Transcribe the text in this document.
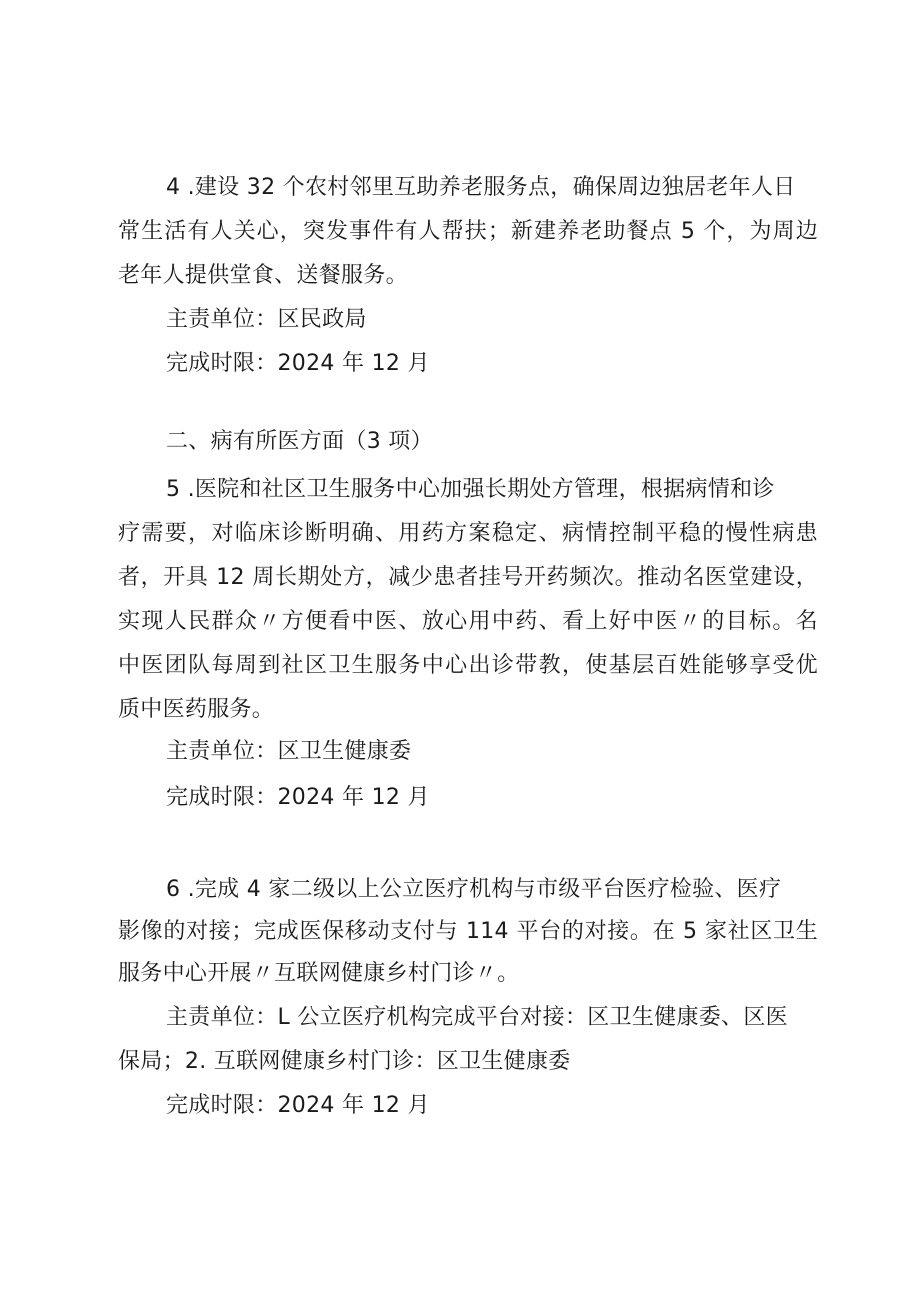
4 .建设 32 个农村邻里互助养老服务点，确保周边独居老年人日
常生活有人关心，突发事件有人帮扶；新建养老助餐点 5 个，为周边
老年人提供堂食、送餐服务。
主责单位：区民政局
完成时限：2024 年 12 月
二、病有所医方面（3 项）
5 .医院和社区卫生服务中心加强长期处方管理，根据病情和诊
疗需要，对临床诊断明确、用药方案稳定、病情控制平稳的慢性病患
者，开具 12 周长期处方，减少患者挂号开药频次。推动名医堂建设，
实现人民群众〃方便看中医、放心用中药、看上好中医〃的目标。名
中医团队每周到社区卫生服务中心出诊带教，使基层百姓能够享受优
质中医药服务。
主责单位：区卫生健康委
完成时限：2024 年 12 月
6 .完成 4 家二级以上公立医疗机构与市级平台医疗检验、医疗
影像的对接；完成医保移动支付与 114 平台的对接。在 5 家社区卫生
服务中心开展〃互联网健康乡村门诊〃。
主责单位：L 公立医疗机构完成平台对接：区卫生健康委、区医
保局；2. 互联网健康乡村门诊：区卫生健康委
完成时限：2024 年 12 月
